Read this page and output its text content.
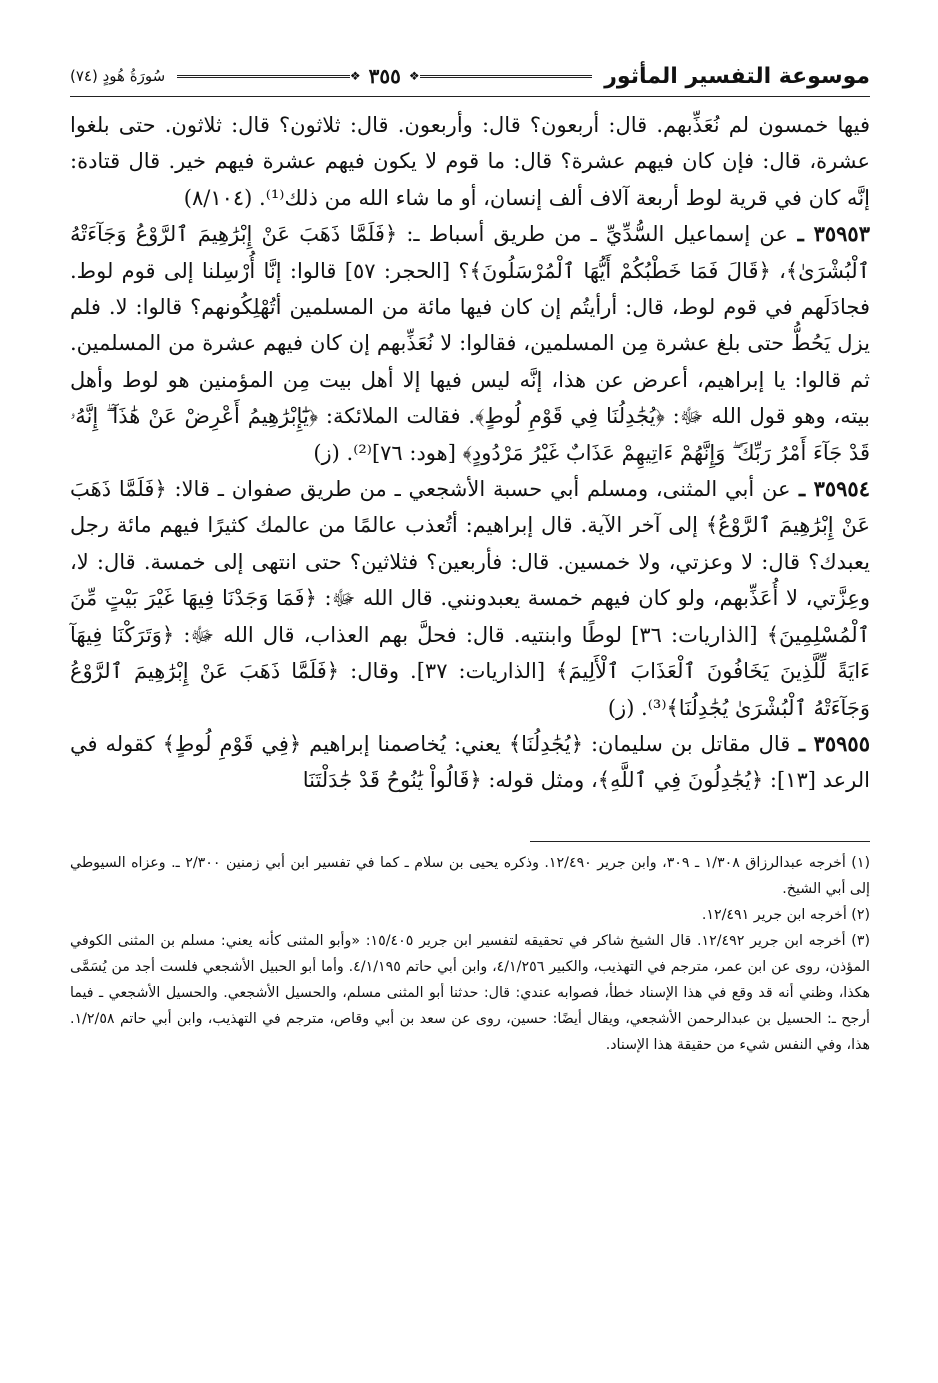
موسوعة التفسير المأثور
❖
٣٥٥
❖
سُورَةُ هُودٍ (٧٤)

فيها خمسون لم نُعَذِّبهم. قال: أربعون؟ قال: وأربعون. قال: ثلاثون؟ قال: ثلاثون. حتى بلغوا عشرة، قال: فإن كان فيهم عشرة؟ قال: ما قوم لا يكون فيهم عشرة فيهم خير. قال قتادة: إنَّه كان في قرية لوط أربعة آلاف ألف إنسان، أو ما شاء الله من ذلك⁽¹⁾. (٨/١٠٤)

٣٥٩٥٣ ـ عن إسماعيل السُّدِّيِّ ـ من طريق أسباط ـ: ﴿فَلَمَّا ذَهَبَ عَنْ إِبْرَٰهِيمَ ٱلرَّوْعُ وَجَآءَتْهُ ٱلْبُشْرَىٰ﴾، ﴿قَالَ فَمَا خَطْبُكُمْ أَيُّهَا ٱلْمُرْسَلُونَ﴾؟ [الحجر: ٥٧] قالوا: إنَّا أُرْسِلنا إلى قوم لوط. فجادَلَهم في قوم لوط، قال: أرأيتُم إن كان فيها مائة من المسلمين أتُهْلِكُونهم؟ قالوا: لا. فلم يزل يَحُطُّ حتى بلغ عشرة مِن المسلمين، فقالوا: لا نُعَذِّبهم إن كان فيهم عشرة من المسلمين. ثم قالوا: يا إبراهيم، أعرض عن هذا، إنَّه ليس فيها إلا أهل بيت مِن المؤمنين هو لوط وأهل بيته، وهو قول الله ﷻ: ﴿يُجَٰدِلُنَا فِي قَوْمِ لُوطٍ﴾. فقالت الملائكة: ﴿يَٰٓإِبْرَٰهِيمُ أَعْرِضْ عَنْ هَٰذَآ ۖ إِنَّهُۥ قَدْ جَآءَ أَمْرُ رَبِّكَ ۖ وَإِنَّهُمْ ءَاتِيهِمْ عَذَابٌ غَيْرُ مَرْدُودٍ﴾ [هود: ٧٦]⁽²⁾. (ز)

٣٥٩٥٤ ـ عن أبي المثنى، ومسلم أبي حسبة الأشجعي ـ من طريق صفوان ـ قالا: ﴿فَلَمَّا ذَهَبَ عَنْ إِبْرَٰهِيمَ ٱلرَّوْعُ﴾ إلى آخر الآية. قال إبراهيم: أتُعذب عالمًا من عالمك كثيرًا فيهم مائة رجل يعبدك؟ قال: لا وعزتي، ولا خمسين. قال: فأربعين؟ فثلاثين؟ حتى انتهى إلى خمسة. قال: لا، وعِزَّتي، لا أُعَذِّبهم، ولو كان فيهم خمسة يعبدونني. قال الله ﷻ: ﴿فَمَا وَجَدْنَا فِيهَا غَيْرَ بَيْتٍ مِّنَ ٱلْمُسْلِمِينَ﴾ [الذاريات: ٣٦] لوطًا وابنتيه. قال: فحلَّ بهم العذاب، قال الله ﷻ: ﴿وَتَرَكْنَا فِيهَآ ءَايَةً لِّلَّذِينَ يَخَافُونَ ٱلْعَذَابَ ٱلْأَلِيمَ﴾ [الذاريات: ٣٧]. وقال: ﴿فَلَمَّا ذَهَبَ عَنْ إِبْرَٰهِيمَ ٱلرَّوْعُ وَجَآءَتْهُ ٱلْبُشْرَىٰ يُجَٰدِلُنَا﴾⁽³⁾. (ز)

٣٥٩٥٥ ـ قال مقاتل بن سليمان: ﴿يُجَٰدِلُنَا﴾ يعني: يُخاصمنا إبراهيم ﴿فِي قَوْمِ لُوطٍ﴾ كقوله في الرعد [١٣]: ﴿يُجَٰدِلُونَ فِي ٱللَّهِ﴾، ومثل قوله: ﴿قَالُواْ يَٰنُوحُ قَدْ جَٰدَلْتَنَا

(١) أخرجه عبدالرزاق ١/٣٠٨ ـ ٣٠٩، وابن جرير ١٢/٤٩٠. وذكره يحيى بن سلام ـ كما في تفسير ابن أبي زمنين ٢/٣٠٠ ـ. وعزاه السيوطي إلى أبي الشيخ.

(٢) أخرجه ابن جرير ١٢/٤٩١.

(٣) أخرجه ابن جرير ١٢/٤٩٢. قال الشيخ شاكر في تحقيقه لتفسير ابن جرير ١٥/٤٠٥: «وأبو المثنى كأنه يعني: مسلم بن المثنى الكوفي المؤذن، روى عن ابن عمر، مترجم في التهذيب، والكبير ٤/١/٢٥٦، وابن أبي حاتم ٤/١/١٩٥. وأما أبو الحبيل الأشجعي فلست أجد من يُسَمَّى هكذا، وظني أنه قد وقع في هذا الإسناد خطأ، فصوابه عندي: قال: حدثنا أبو المثنى مسلم، والحسيل الأشجعي. والحسيل الأشجعي ـ فيما أرجح ـ: الحسيل بن عبدالرحمن الأشجعي، ويقال أيضًا: حسين، روى عن سعد بن أبي وقاص، مترجم في التهذيب، وابن أبي حاتم ١/٢/٥٨. هذا، وفي النفس شيء من حقيقة هذا الإسناد.
